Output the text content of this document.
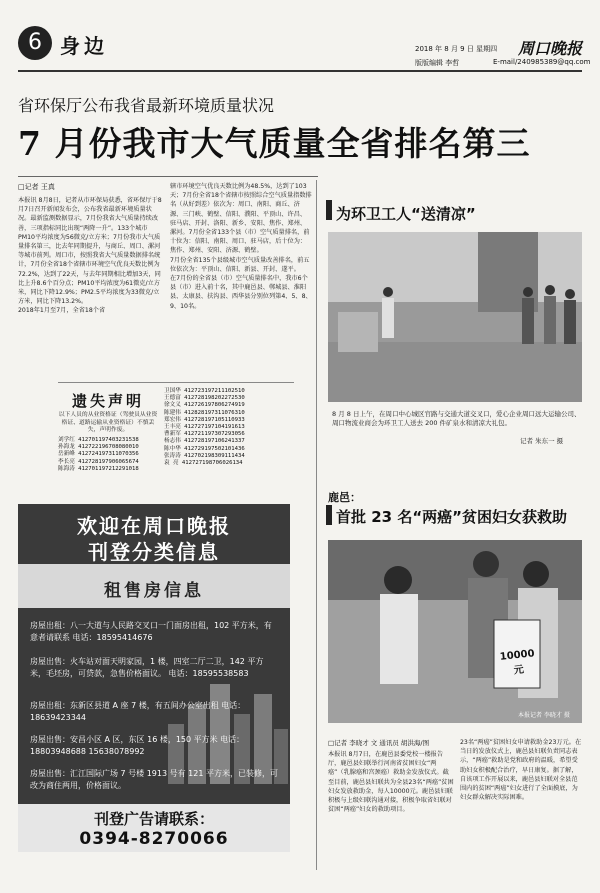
6 身边	2018 年 8 月 9 日 星期四 周口晚报
版版编辑 李哲	E-mail/240985389@qq.com
省环保厅公布我省最新环境质量状况
7 月份我市大气质量全省排名第三
□记者 王真
本报讯 8月8日，记者从市环保局获悉，省环保厅于8月7日召开新闻发布会，公布我省最新环境质量状况。最新监测数据显示，7月份我省大气质量持续改善，三项指标同比出现“两降一升”。133个城市PM10平均浓度为56微克/立方米；7月份我市大气质量排名第三，比去年同期提升，与商丘、周口、漯河等城市前列。周口市，按照我省大气质量数据排名统计，7月份全省18个省辖市环境空气优良天数比例为72.2%，达到了22天，与去年同期相比增加3天，同比上升8.6个百分点；PM10平均浓度为61微克/立方米，同比下降12.9%；PM2.5平均浓度为33微克/立方米，同比下降13.2%。
2018年1月至7月，全省18个省
辖市环境空气优良天数比例为48.5%，达到了103天；7月份全省18个省辖市按照综合空气质量指数排名（从好到差）依次为：周口、南阳、商丘、济源、三门峡、鹤壁、信阳、濮阳、平顶山、许昌、驻马店、开封、洛阳、新乡、安阳、焦作、郑州、漯河。7月份全省133个县（市）空气质量排名，前十位为：信阳、南阳、周口、驻马店，后十位为：焦作、郑州、安阳、济源、鹤壁。
7月份全省135个县级城市空气质量改善排名，前五位依次为：平顶山、信阳、新县、开封、遂平。
在7月份的全省县（市）空气质量排名中，我市6个县（市）进入前十名，其中鹿邑县、郸城县、淮阳县、太康县、扶沟县、西华县分别位列第4、5、8、9、10名。
遗失声明
以下人员的从业资格证（驾驶员从业资格证、道路运输从业资格证）不慎丢失，声明作废。
刘学红 412701197403231538
孙海龙 412722196708080010
岳新峰 412724197311070356
李长亮 412728197906065674
陈海涛 412701197212291018
卫国华 412723197211102510
王德富 412728198202272530
徐文义 412726197806274919
陈建伟 412828197311076310
郑宏伟 412728197105110933
王丰亮 412727197104191613
曹新军 412721197307293056
杨志伟 412728197106241337
陈中华 412729197502101436
张涛涛 412702198309111434
袁 亮 412727198706026134
欢迎在周口晚报
刊登分类信息
租售房信息
房屋出租：八一大道与人民路交叉口一门面房出租，102 平方米，有意者请联系 电话：18595414676
房屋出售：火车站对面天明家园，1 楼，四室二厅二卫，142 平方米，毛坯房，可贷款，急售价格面议。 电话：18595538583
房屋出租：东新区县道 A 座 7 楼，有五间办公室出租 电话：18639423344
房屋出售：安昌小区 A 区，东区 16 楼，150 平方米 电话：18803948688 15638078992
房屋出售：汇江国际广场 7 号楼 1913 号有 121 平方米，已装修，可改为商住两用，价格面议。
刊登广告请联系：
0394-8270066
为环卫工人“送清凉”
8 月 8 日上午，在周口中心城区官路与交通大道交叉口，爱心企业周口远大运输公司、周口物流业商会为环卫工人送去 200 件矿泉水和清凉大礼包。
记者 朱东一 摄
鹿邑：
首批 23 名“两癌”贫困妇女获救助
10000元
本报记者 李晓才 摄
□记者 李晓才 文 通讯员 胡洪海/图
本报讯 8月7日，在鹿邑县委党校一楼报告厅，鹿邑县妇联举行河南省贫困妇女“两癌”（乳腺癌和宫颈癌）救助金发放仪式。截至目前，鹿邑县妇联共为全县23名“两癌”贫困妇女发放救助金，每人10000元。鹿邑县妇联积极与上级妇联沟通对接，积极争取省妇联对贫困“两癌”妇女的救助项目。
23名“两癌”贫困妇女申请救助金23万元。在当日的发放仪式上，鹿邑县妇联负责同志表示，“两癌”救助是党和政府的温暖，希望受助妇女积极配合治疗，早日康复。据了解，自该项工作开展以来，鹿邑县妇联对全县范围内的贫困“两癌”妇女进行了全面摸底，为妇女群众解决实际困难。
